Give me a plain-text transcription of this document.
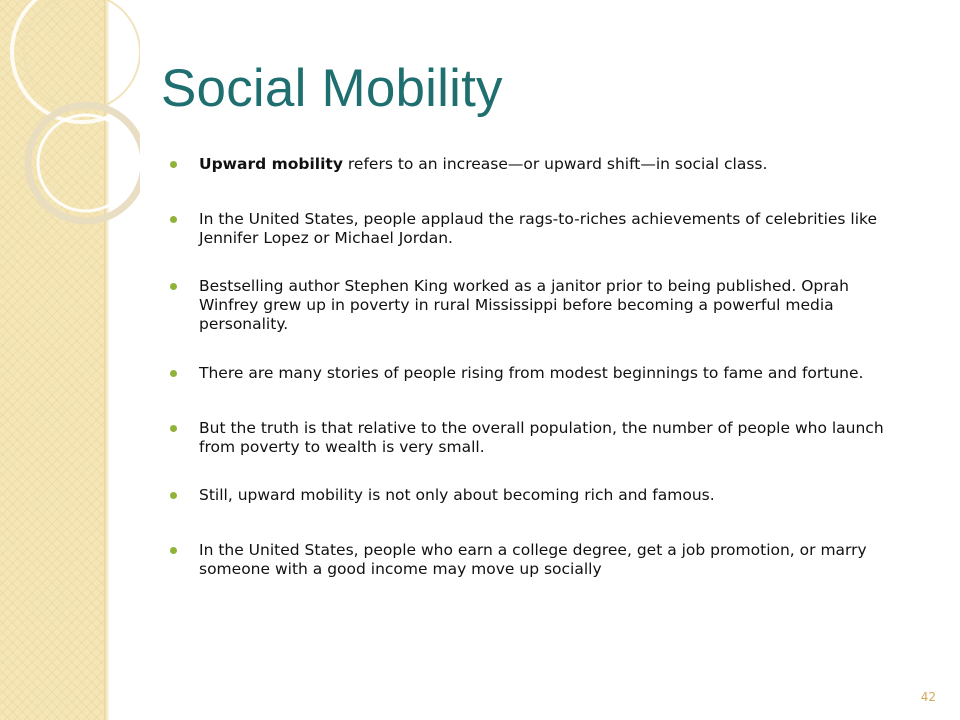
Social Mobility
Upward mobility refers to an increase—or upward shift—in social class.
In the United States, people applaud the rags-to-riches achievements of celebrities like Jennifer Lopez or Michael Jordan.
Bestselling author Stephen King worked as a janitor prior to being published. Oprah Winfrey grew up in poverty in rural Mississippi before becoming a powerful media personality.
There are many stories of people rising from modest beginnings to fame and fortune.
But the truth is that relative to the overall population, the number of people who launch from poverty to wealth is very small.
Still, upward mobility is not only about becoming rich and famous.
In the United States, people who earn a college degree, get a job promotion, or marry someone with a good income may move up socially
42
